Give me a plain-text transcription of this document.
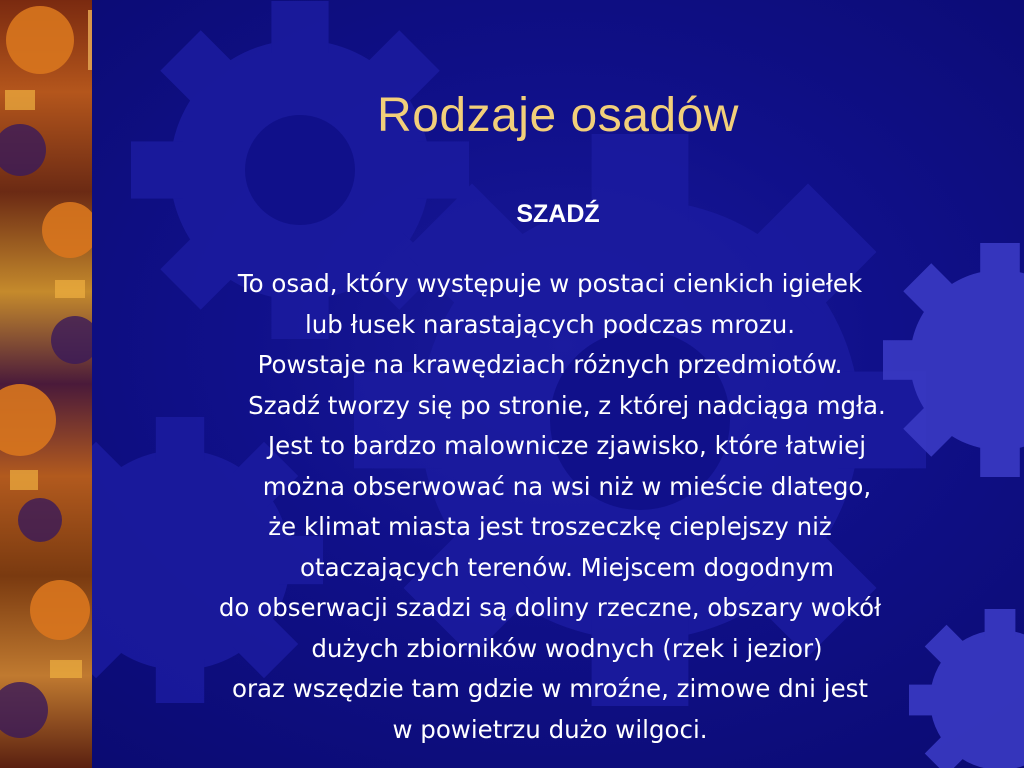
Rodzaje osadów
SZADŹ
To osad, który występuje w postaci cienkich igiełek
lub łusek narastających podczas mrozu.
Powstaje na krawędziach różnych przedmiotów.
Szadź tworzy się po stronie, z której nadciąga mgła.
Jest to bardzo malownicze zjawisko, które łatwiej
można obserwować na wsi niż w mieście dlatego,
że klimat miasta jest troszeczkę cieplejszy niż
otaczających terenów. Miejscem dogodnym
do obserwacji szadzi są doliny rzeczne, obszary wokół
dużych zbiorników wodnych (rzek i jezior)
oraz wszędzie tam gdzie w mroźne, zimowe dni jest
w powietrzu dużo wilgoci.
